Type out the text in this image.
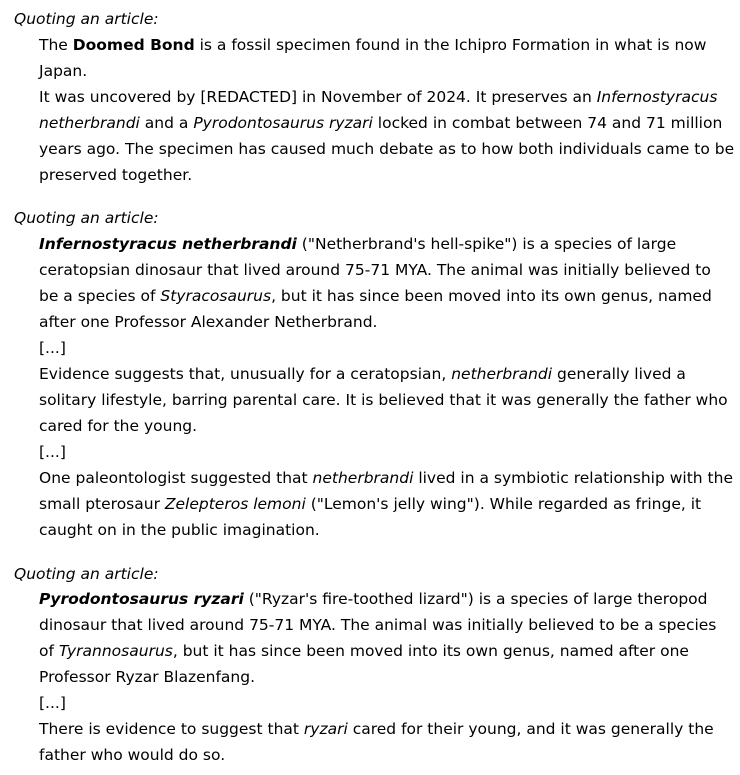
Quoting an article:
The Doomed Bond is a fossil specimen found in the Ichipro Formation in what is now
Japan.
It was uncovered by [REDACTED] in November of 2024. It preserves an Infernostyracus
netherbrandi and a Pyrodontosaurus ryzari locked in combat between 74 and 71 million
years ago. The specimen has caused much debate as to how both individuals came to be
preserved together.
Quoting an article:
Infernostyracus netherbrandi ("Netherbrand's hell-spike") is a species of large
ceratopsian dinosaur that lived around 75-71 MYA. The animal was initially believed to
be a species of Styracosaurus, but it has since been moved into its own genus, named
after one Professor Alexander Netherbrand.
[...]
Evidence suggests that, unusually for a ceratopsian, netherbrandi generally lived a
solitary lifestyle, barring parental care. It is believed that it was generally the father who
cared for the young.
[...]
One paleontologist suggested that netherbrandi lived in a symbiotic relationship with the
small pterosaur Zelepteros lemoni ("Lemon's jelly wing"). While regarded as fringe, it
caught on in the public imagination.
Quoting an article:
Pyrodontosaurus ryzari ("Ryzar's fire-toothed lizard") is a species of large theropod
dinosaur that lived around 75-71 MYA. The animal was initially believed to be a species
of Tyrannosaurus, but it has since been moved into its own genus, named after one
Professor Ryzar Blazenfang.
[...]
There is evidence to suggest that ryzari cared for their young, and it was generally the
father who would do so.
